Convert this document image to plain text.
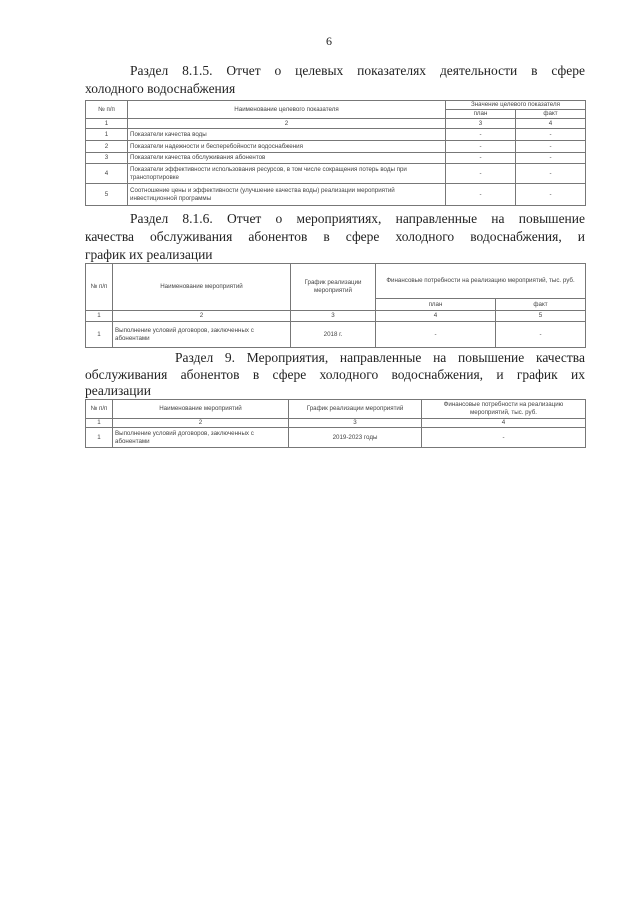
6
Раздел 8.1.5. Отчет о целевых показателях деятельности в сфере
холодного водоснабжения
№ п/п	Наименование целевого показателя	Значение целевого показателя	
		план	факт
1	2	3	4
1	Показатели качества воды	-	-
2	Показатели надежности и бесперебойности водоснабжения	-	-
3	Показатели качества обслуживания абонентов	-	-
4	Показатели эффективности использования ресурсов, в том числе сокращения потерь воды при транспортировке	-	-
5	Соотношение цены и эффективности (улучшение качества воды) реализации мероприятий инвестиционной программы	-	-
Раздел 8.1.6. Отчет о мероприятиях, направленные на повышение
качества обслуживания абонентов в сфере холодного водоснабжения, и
график их реализации
№ п/п	Наименование мероприятий	График реализации мероприятий	Финансовые потребности на реализацию мероприятий, тыс. руб.	
			план	факт
1	2	3	4	5
1	Выполнение условий договоров, заключенных с абонентами	2018 г.	-	-
Раздел 9. Мероприятия, направленные на повышение качества
обслуживания абонентов в сфере холодного водоснабжения, и график их
реализации
№ п/п	Наименование мероприятий	График реализации мероприятий	Финансовые потребности на реализацию мероприятий, тыс. руб.
1	2	3	4
1	Выполнение условий договоров, заключенных с абонентами	2019-2023 годы	-
